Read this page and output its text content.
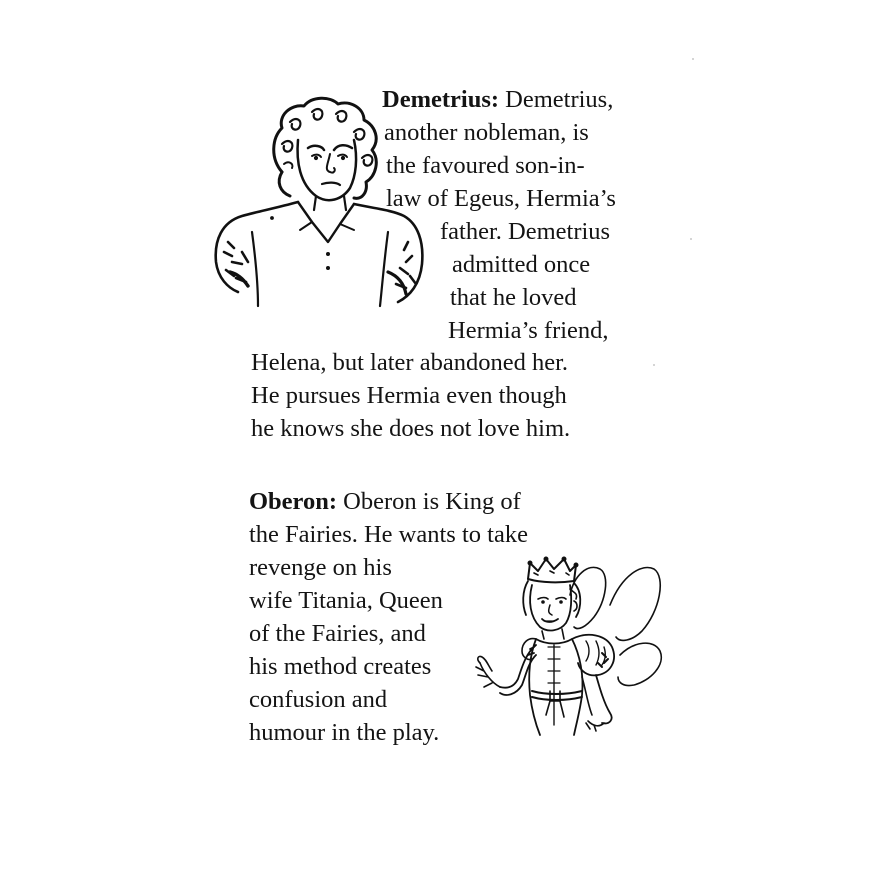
Demetrius: Demetrius,
another nobleman, is
the favoured son-in-
law of Egeus, Hermia’s
father. Demetrius
admitted once
that he loved
Hermia’s friend,
Helena, but later abandoned her.
He pursues Hermia even though
he knows she does not love him.
Oberon: Oberon is King of
the Fairies. He wants to take
revenge on his
wife Titania, Queen
of the Fairies, and
his method creates
confusion and
humour in the play.
